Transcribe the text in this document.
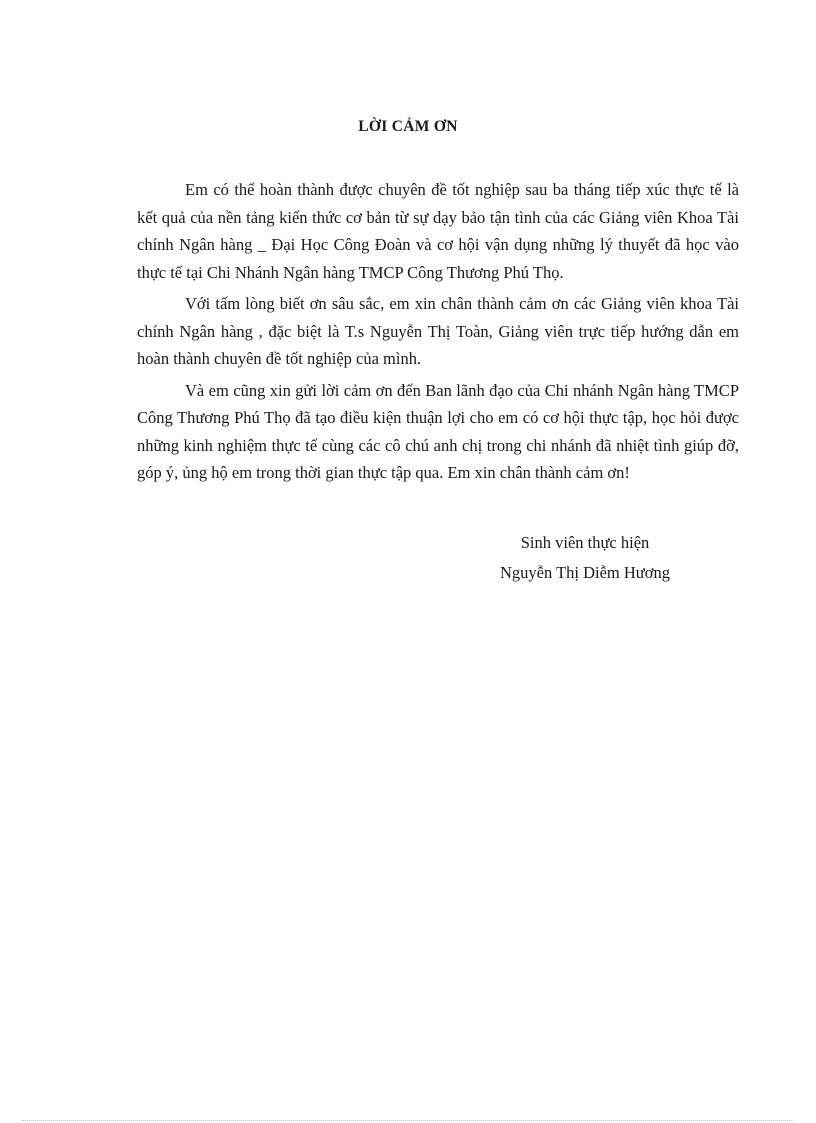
LỜI CẢM ƠN

Em có thể hoàn thành được chuyên đề tốt nghiệp sau ba tháng tiếp xúc thực tế là kết quả của nền tảng kiến thức cơ bản từ sự dạy bảo tận tình của các Giảng viên Khoa Tài chính Ngân hàng _ Đại Học Công Đoàn và cơ hội vận dụng những lý thuyết đã học vào thực tế tại Chi Nhánh Ngân hàng TMCP Công Thương Phú Thọ.

Với tấm lòng biết ơn sâu sắc, em xin chân thành cảm ơn các Giảng viên khoa Tài chính Ngân hàng , đặc biệt là T.s Nguyễn Thị Toàn, Giảng viên trực tiếp hướng dẫn em hoàn thành chuyên đề tốt nghiệp của mình.

Và em cũng xin gửi lời cảm ơn đến Ban lãnh đạo của Chi nhánh Ngân hàng TMCP Công Thương Phú Thọ đã tạo điều kiện thuận lợi cho em có cơ hội thực tập, học hỏi được những kinh nghiệm thực tế cùng các cô chú anh chị trong chi nhánh đã nhiệt tình giúp đỡ, góp ý, ủng hộ em trong thời gian thực tập qua. Em xin chân thành cảm ơn!

Sinh viên thực hiện
Nguyễn Thị Diễm Hương
